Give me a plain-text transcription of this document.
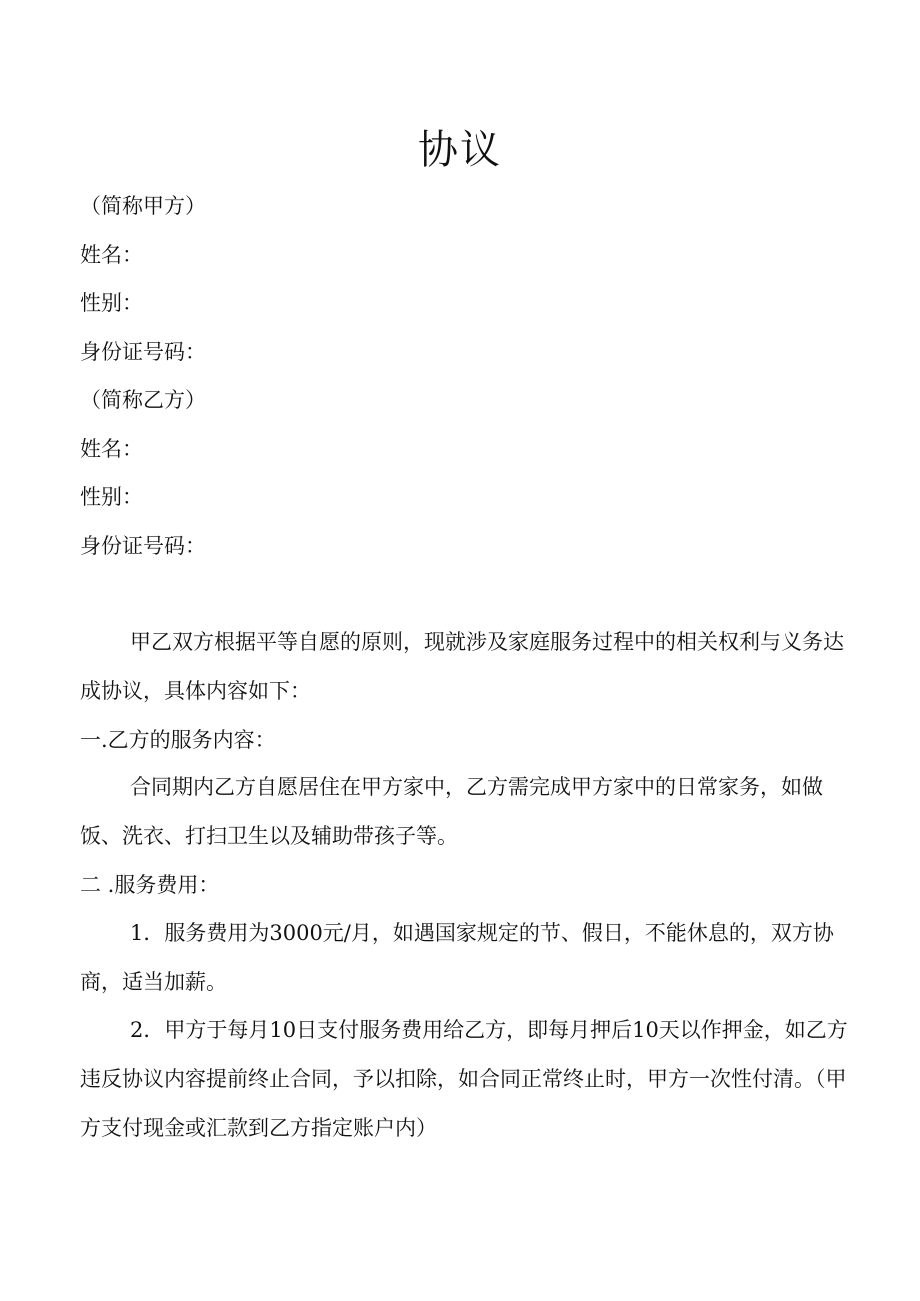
协议
（简称甲方）
姓名：
性别：
身份证号码：
（简称乙方）
姓名：
性别：
身份证号码：
甲乙双方根据平等自愿的原则，现就涉及家庭服务过程中的相关权利与义务达成协议，具体内容如下：
一.乙方的服务内容：
合同期内乙方自愿居住在甲方家中，乙方需完成甲方家中的日常家务，如做饭、洗衣、打扫卫生以及辅助带孩子等。
二 .服务费用：
1．服务费用为3000元/月，如遇国家规定的节、假日，不能休息的，双方协商，适当加薪。
2．甲方于每月10日支付服务费用给乙方，即每月押后10天以作押金，如乙方违反协议内容提前终止合同，予以扣除，如合同正常终止时，甲方一次性付清。（甲方支付现金或汇款到乙方指定账户内）
